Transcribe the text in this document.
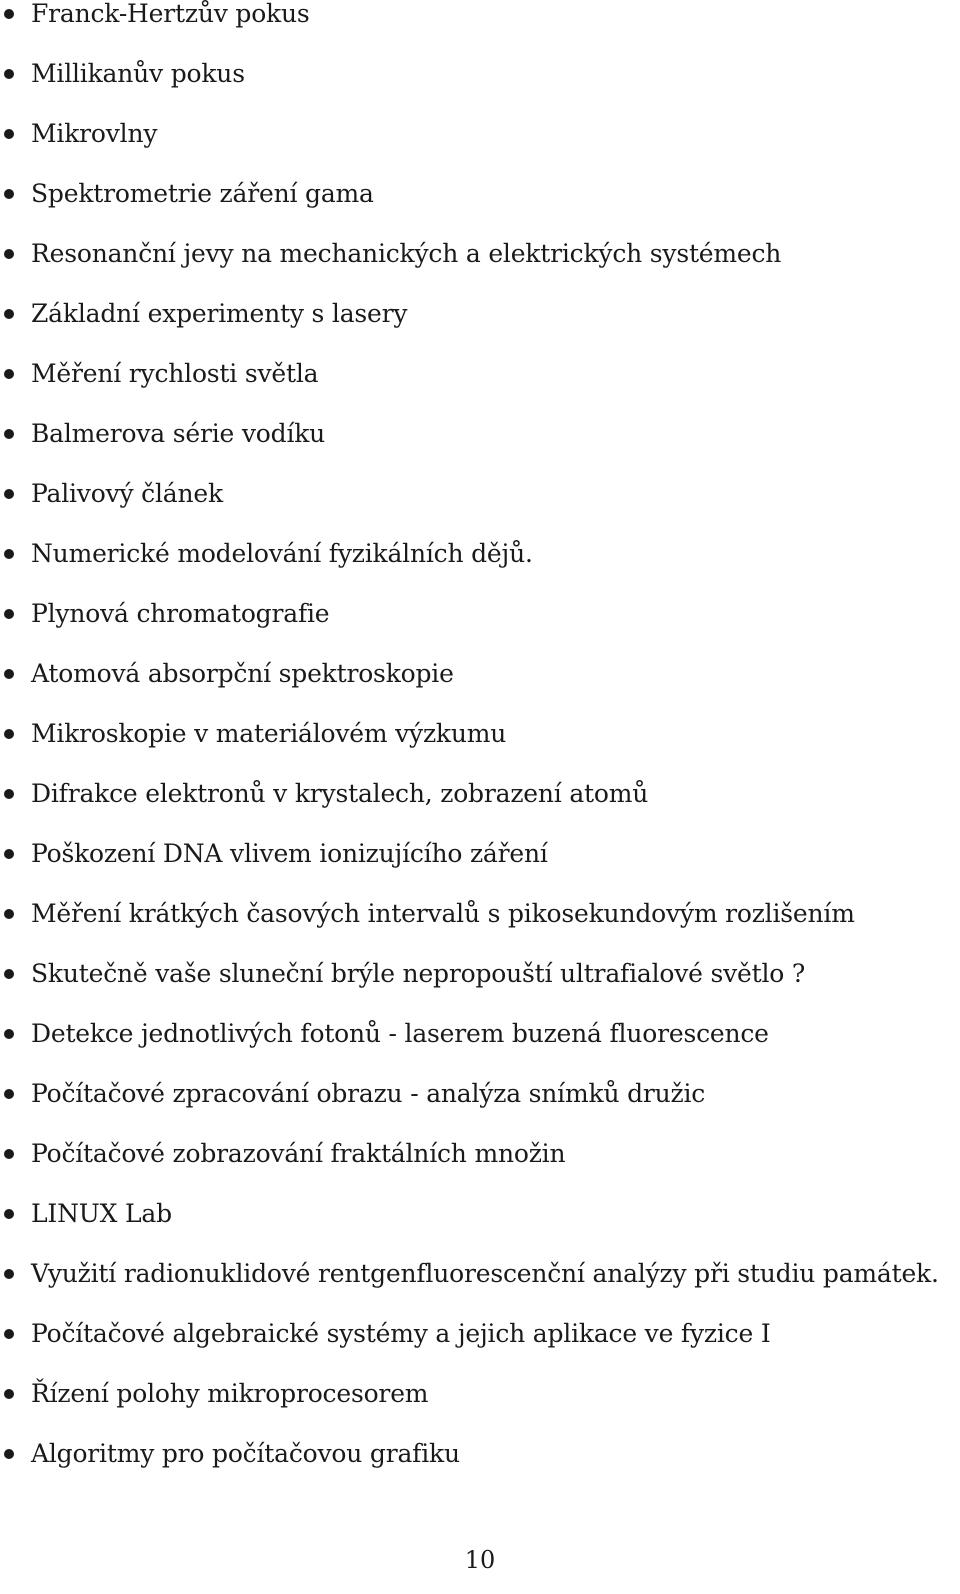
Franck-Hertzův pokus
Millikanův pokus
Mikrovlny
Spektrometrie záření gama
Resonanční jevy na mechanických a elektrických systémech
Základní experimenty s lasery
Měření rychlosti světla
Balmerova série vodíku
Palivový článek
Numerické modelování fyzikálních dějů.
Plynová chromatografie
Atomová absorpční spektroskopie
Mikroskopie v materiálovém výzkumu
Difrakce elektronů v krystalech, zobrazení atomů
Poškození DNA vlivem ionizujícího záření
Měření krátkých časových intervalů s pikosekundovým rozlišením
Skutečně vaše sluneční brýle nepropouští ultrafialové světlo ?
Detekce jednotlivých fotonů - laserem buzená fluorescence
Počítačové zpracování obrazu - analýza snímků družic
Počítačové zobrazování fraktálních množin
LINUX Lab
Využití radionuklidové rentgenfluorescenční analýzy při studiu památek.
Počítačové algebraické systémy a jejich aplikace ve fyzice I
Řízení polohy mikroprocesorem
Algoritmy pro počítačovou grafiku
10
